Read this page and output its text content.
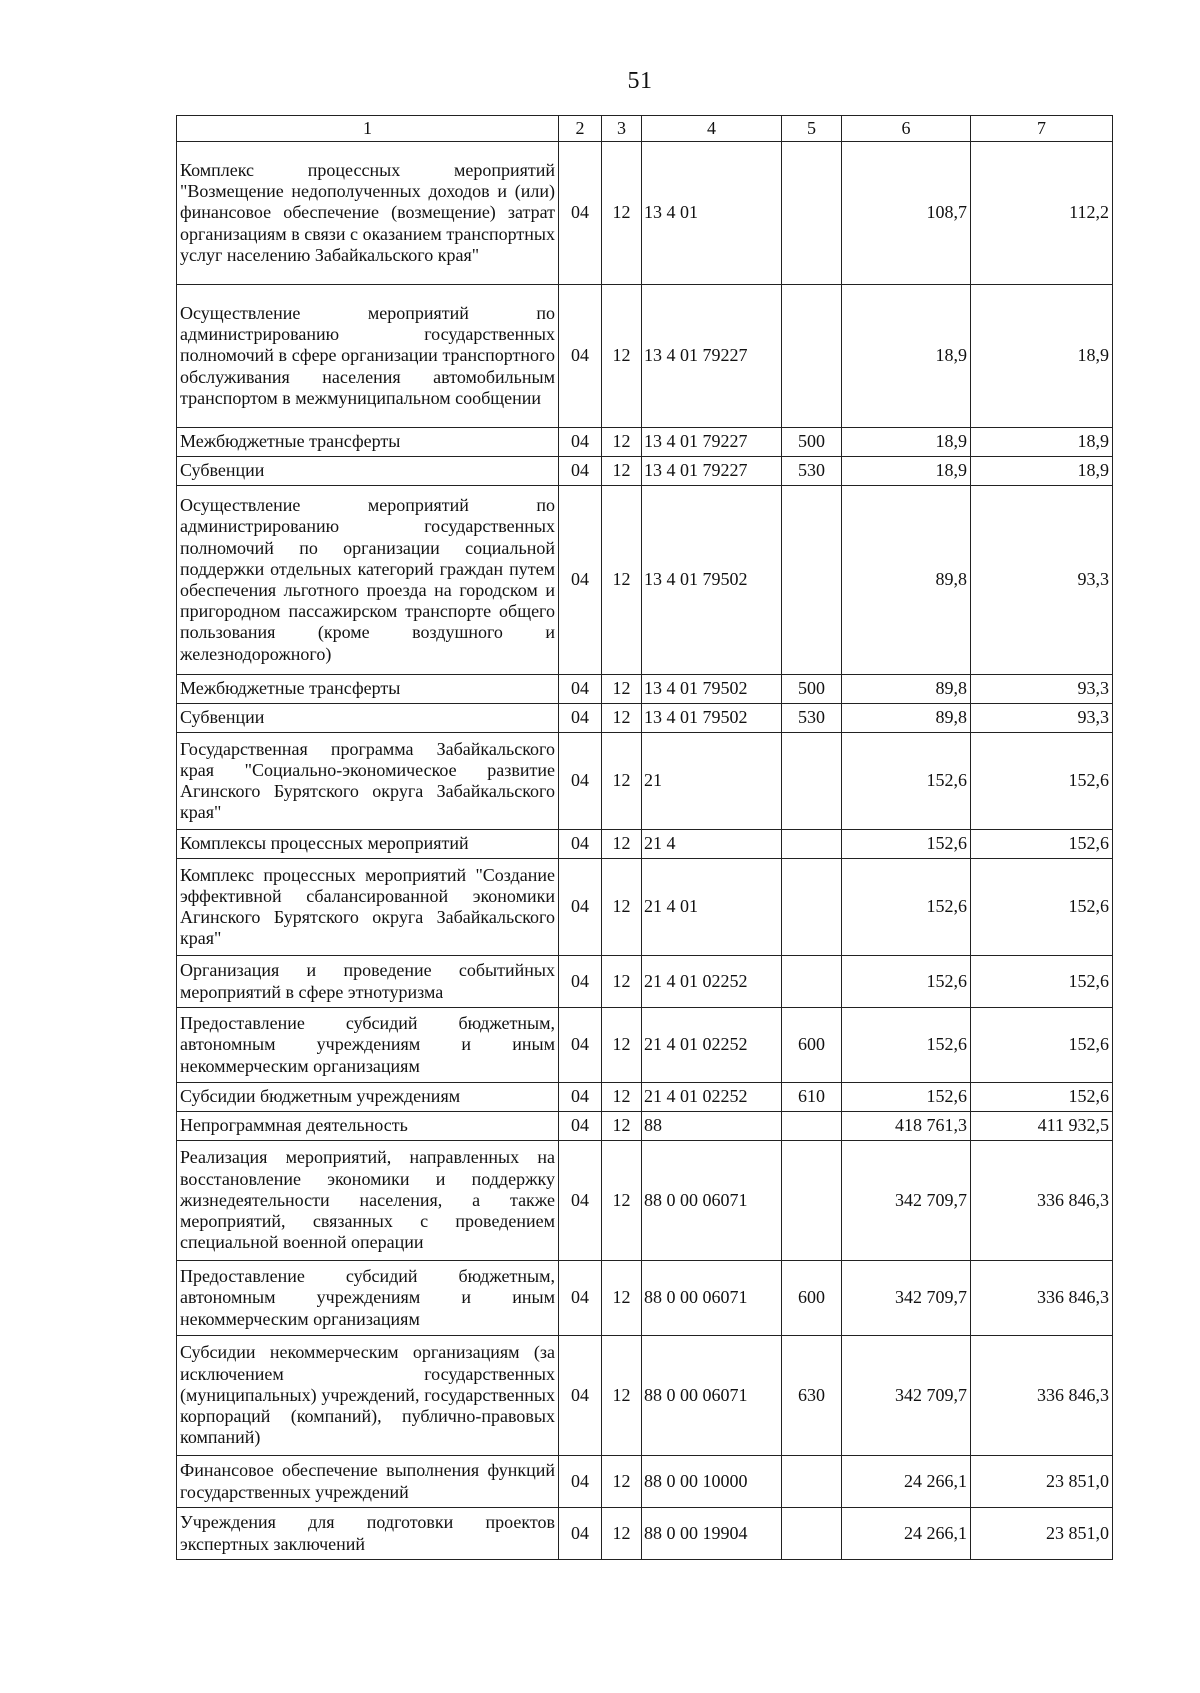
51
1	2	3	4	5	6	7
Комплекс процессных мероприятий "Возмещение недополученных доходов и (или) финансовое обеспечение (возмещение) затрат организациям в связи с оказанием транспортных услуг населению Забайкальского края"	04	12	13 4 01		108,7	112,2
Осуществление мероприятий по администрированию государственных полномочий в сфере организации транспортного обслуживания населения автомобильным транспортом в межмуниципальном сообщении	04	12	13 4 01 79227		18,9	18,9
Межбюджетные трансферты	04	12	13 4 01 79227	500	18,9	18,9
Субвенции	04	12	13 4 01 79227	530	18,9	18,9
Осуществление мероприятий по администрированию государственных полномочий по организации социальной поддержки отдельных категорий граждан путем обеспечения льготного проезда на городском и пригородном пассажирском транспорте общего пользования (кроме воздушного и железнодорожного)	04	12	13 4 01 79502		89,8	93,3
Межбюджетные трансферты	04	12	13 4 01 79502	500	89,8	93,3
Субвенции	04	12	13 4 01 79502	530	89,8	93,3
Государственная программа Забайкальского края "Социально-экономическое развитие Агинского Бурятского округа Забайкальского края"	04	12	21		152,6	152,6
Комплексы процессных мероприятий	04	12	21 4		152,6	152,6
Комплекс процессных мероприятий "Создание эффективной сбалансированной экономики Агинского Бурятского округа Забайкальского края"	04	12	21 4 01		152,6	152,6
Организация и проведение событийных мероприятий в сфере этнотуризма	04	12	21 4 01 02252		152,6	152,6
Предоставление субсидий бюджетным, автономным учреждениям и иным некоммерческим организациям	04	12	21 4 01 02252	600	152,6	152,6
Субсидии бюджетным учреждениям	04	12	21 4 01 02252	610	152,6	152,6
Непрограммная деятельность	04	12	88		418 761,3	411 932,5
Реализация мероприятий, направленных на восстановление экономики и поддержку жизнедеятельности населения, а также мероприятий, связанных с проведением специальной военной операции	04	12	88 0 00 06071		342 709,7	336 846,3
Предоставление субсидий бюджетным, автономным учреждениям и иным некоммерческим организациям	04	12	88 0 00 06071	600	342 709,7	336 846,3
Субсидии некоммерческим организациям (за исключением государственных (муниципальных) учреждений, государственных корпораций (компаний), публично-правовых компаний)	04	12	88 0 00 06071	630	342 709,7	336 846,3
Финансовое обеспечение выполнения функций государственных учреждений	04	12	88 0 00 10000		24 266,1	23 851,0
Учреждения для подготовки проектов экспертных заключений	04	12	88 0 00 19904		24 266,1	23 851,0
